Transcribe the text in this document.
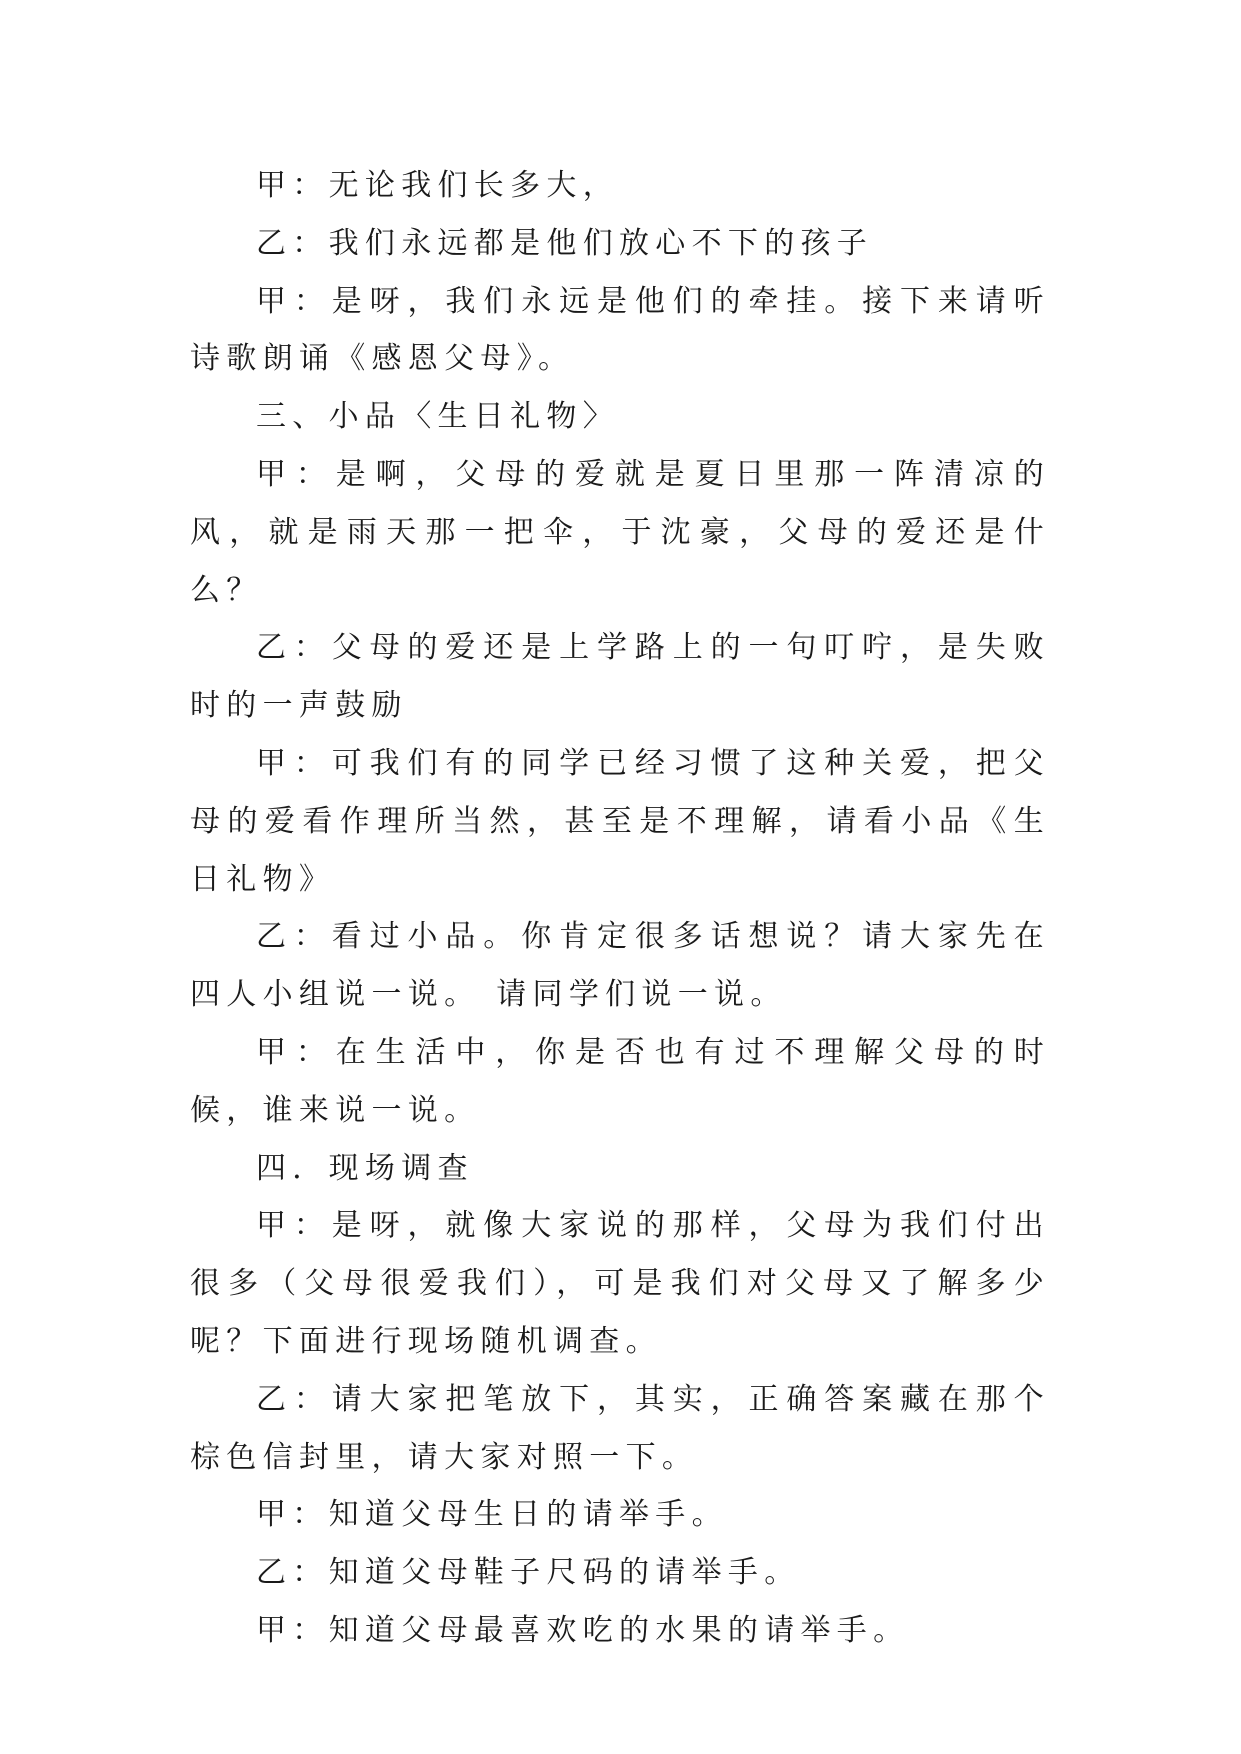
甲：无论我们长多大，

乙：我们永远都是他们放心不下的孩子

甲：是呀，我们永远是他们的牵挂。接下来请听诗歌朗诵《感恩父母》。

三、小品〈生日礼物〉

甲：是啊，父母的爱就是夏日里那一阵清凉的风，就是雨天那一把伞，于沈豪，父母的爱还是什么？

乙：父母的爱还是上学路上的一句叮咛，是失败时的一声鼓励

甲：可我们有的同学已经习惯了这种关爱，把父母的爱看作理所当然，甚至是不理解，请看小品《生日礼物》

乙：看过小品。你肯定很多话想说？请大家先在四人小组说一说。 请同学们说一说。

甲：在生活中，你是否也有过不理解父母的时候，谁来说一说。

四．现场调查

甲：是呀，就像大家说的那样，父母为我们付出很多（父母很爱我们），可是我们对父母又了解多少呢？下面进行现场随机调查。

乙：请大家把笔放下，其实，正确答案藏在那个棕色信封里，请大家对照一下。

甲：知道父母生日的请举手。

乙：知道父母鞋子尺码的请举手。

甲：知道父母最喜欢吃的水果的请举手。
